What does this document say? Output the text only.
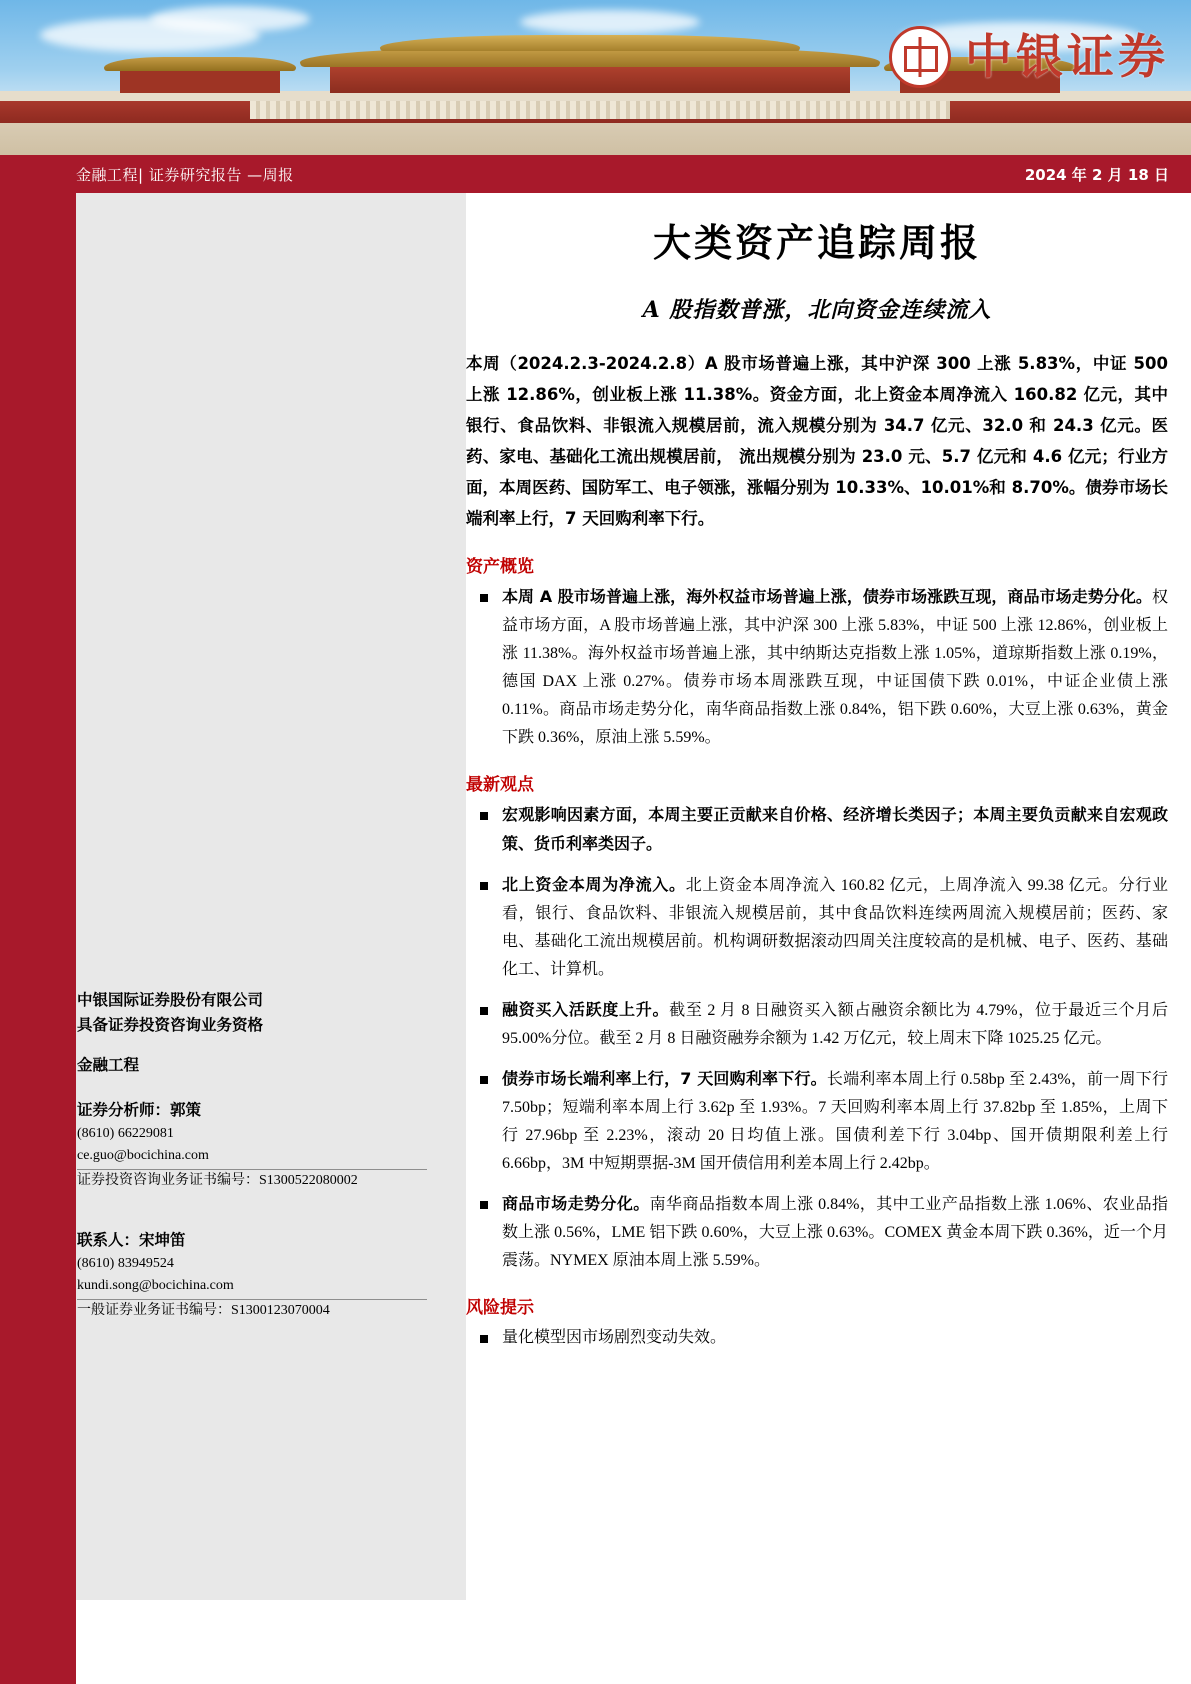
中银证券
金融工程| 证券研究报告 —周报	2024 年 2 月 18 日
中银国际证券股份有限公司
具备证券投资咨询业务资格
金融工程
证券分析师：郭策
(8610) 66229081
ce.guo@bocichina.com
证券投资咨询业务证书编号：S1300522080002
联系人：宋坤笛
(8610) 83949524
kundi.song@bocichina.com
一般证券业务证书编号：S1300123070004
大类资产追踪周报
A 股指数普涨，北向资金连续流入

本周（2024.2.3-2024.2.8）A 股市场普遍上涨，其中沪深 300 上涨 5.83%，中证 500 上涨 12.86%，创业板上涨 11.38%。资金方面，北上资金本周净流入 160.82 亿元，其中银行、食品饮料、非银流入规模居前，流入规模分别为 34.7 亿元、32.0 和 24.3 亿元。医药、家电、基础化工流出规模居前， 流出规模分别为 23.0 元、5.7 亿元和 4.6 亿元；行业方面，本周医药、国防军工、电子领涨，涨幅分别为 10.33%、10.01%和 8.70%。债券市场长端利率上行，7 天回购利率下行。

资产概览
本周 A 股市场普遍上涨，海外权益市场普遍上涨，债券市场涨跌互现，商品市场走势分化。权益市场方面，A 股市场普遍上涨，其中沪深 300 上涨 5.83%，中证 500 上涨 12.86%，创业板上涨 11.38%。海外权益市场普遍上涨，其中纳斯达克指数上涨 1.05%，道琼斯指数上涨 0.19%，德国 DAX 上涨 0.27%。债券市场本周涨跌互现，中证国债下跌 0.01%，中证企业债上涨 0.11%。商品市场走势分化，南华商品指数上涨 0.84%，铝下跌 0.60%，大豆上涨 0.63%，黄金下跌 0.36%，原油上涨 5.59%。
最新观点
宏观影响因素方面，本周主要正贡献来自价格、经济增长类因子；本周主要负贡献来自宏观政策、货币利率类因子。
北上资金本周为净流入。北上资金本周净流入 160.82 亿元，上周净流入 99.38 亿元。分行业看，银行、食品饮料、非银流入规模居前，其中食品饮料连续两周流入规模居前；医药、家电、基础化工流出规模居前。机构调研数据滚动四周关注度较高的是机械、电子、医药、基础化工、计算机。
融资买入活跃度上升。截至 2 月 8 日融资买入额占融资余额比为 4.79%，位于最近三个月后 95.00%分位。截至 2 月 8 日融资融券余额为 1.42 万亿元，较上周末下降 1025.25 亿元。
债券市场长端利率上行，7 天回购利率下行。长端利率本周上行 0.58bp 至 2.43%，前一周下行 7.50bp；短端利率本周上行 3.62p 至 1.93%。7 天回购利率本周上行 37.82bp 至 1.85%，上周下行 27.96bp 至 2.23%，滚动 20 日均值上涨。国债利差下行 3.04bp、国开债期限利差上行 6.66bp，3M 中短期票据-3M 国开债信用利差本周上行 2.42bp。
商品市场走势分化。南华商品指数本周上涨 0.84%，其中工业产品指数上涨 1.06%、农业品指数上涨 0.56%，LME 铝下跌 0.60%，大豆上涨 0.63%。COMEX 黄金本周下跌 0.36%，近一个月震荡。NYMEX 原油本周上涨 5.59%。
风险提示
量化模型因市场剧烈变动失效。
